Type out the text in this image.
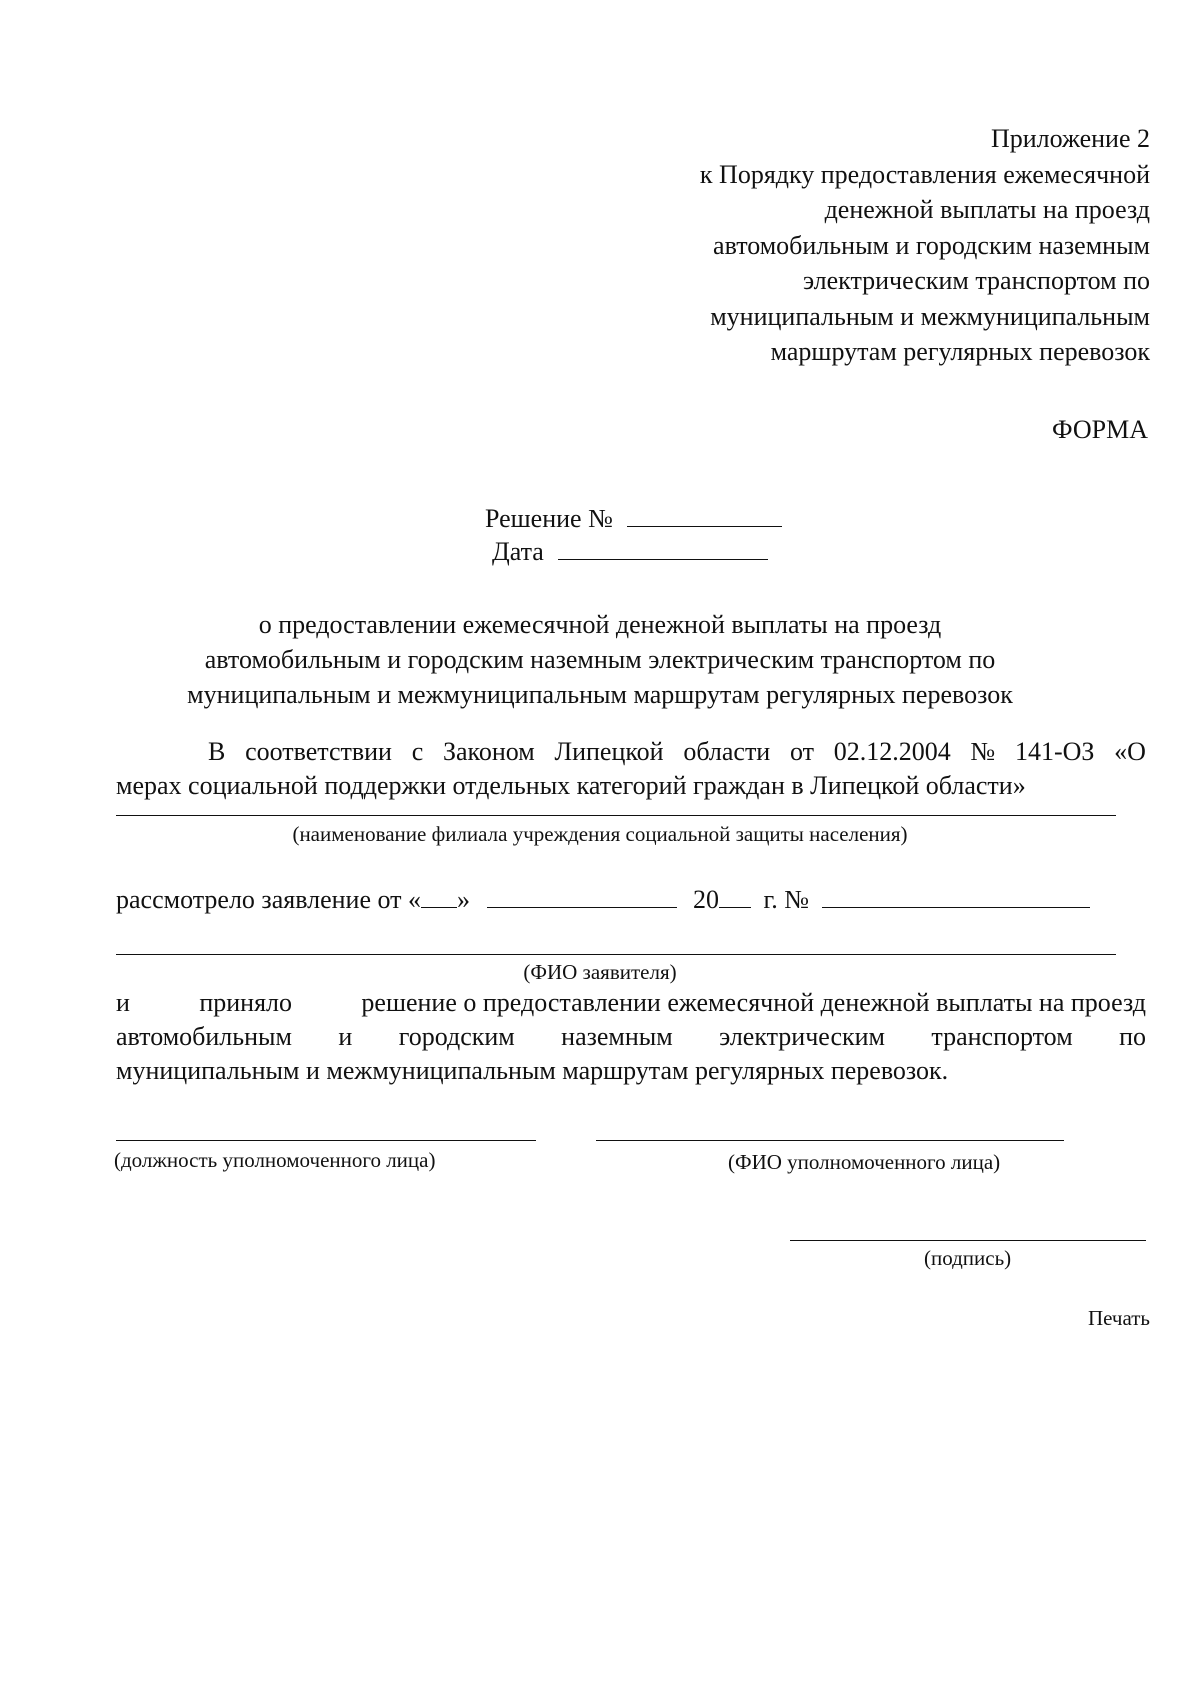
Приложение 2
к Порядку предоставления ежемесячной
денежной выплаты на проезд
автомобильным и городским наземным
электрическим транспортом по
муниципальным и межмуниципальным
маршрутам регулярных перевозок
ФОРМА
Решение №
Дата
о предоставлении ежемесячной денежной выплаты на проезд
автомобильным и городским наземным электрическим транспортом по
муниципальным и межмуниципальным маршрутам регулярных перевозок
В соответствии с Законом Липецкой области от 02.12.2004 № 141-ОЗ «О
мерах социальной поддержки отдельных категорий граждан в Липецкой области»
(наименование филиала учреждения социальной защиты населения)
рассмотрело заявление от « »	20 г. №
(ФИО заявителя)
и	приняло	решение о предоставлении ежемесячной денежной выплаты на проезд
автомобильным и городским наземным электрическим транспортом по
муниципальным и межмуниципальным маршрутам регулярных перевозок.
(должность уполномоченного лица)	(ФИО уполномоченного лица)
(подпись)
Печать
